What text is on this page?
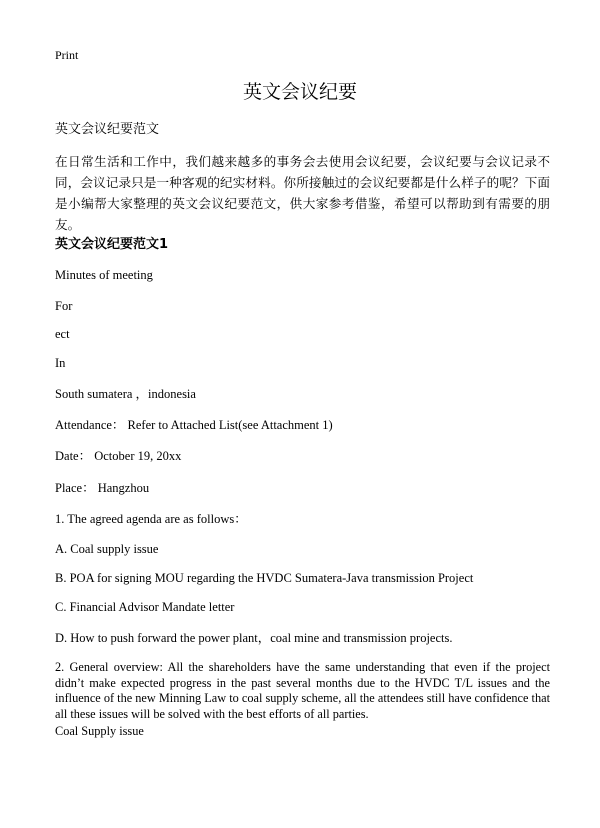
Print

英文会议纪要

英文会议纪要范文

在日常生活和工作中，我们越来越多的事务会去使用会议纪要，会议纪要与会议记录不同，会议记录只是一种客观的纪实材料。你所接触过的会议纪要都是什么样子的呢？下面是小编帮大家整理的英文会议纪要范文，供大家参考借鉴，希望可以帮助到有需要的朋友。

英文会议纪要范文1

Minutes of meeting

For

ect

In

South sumatera ，indonesia

Attendance： Refer to Attached List(see Attachment 1)

Date： October 19, 20xx

Place： Hangzhou

1. The agreed agenda are as follows：

A. Coal supply issue

B. POA for signing MOU regarding the HVDC Sumatera-Java transmission Project

C. Financial Advisor Mandate letter

D. How to push forward the power plant，coal mine and transmission projects.

2. General overview: All the shareholders have the same understanding that even if the project didn’t make expected progress in the past several months due to the HVDC T/L issues and the influence of the new Minning Law to coal supply scheme, all the attendees still have confidence that all these issues will be solved with the best efforts of all parties.

Coal Supply issue
